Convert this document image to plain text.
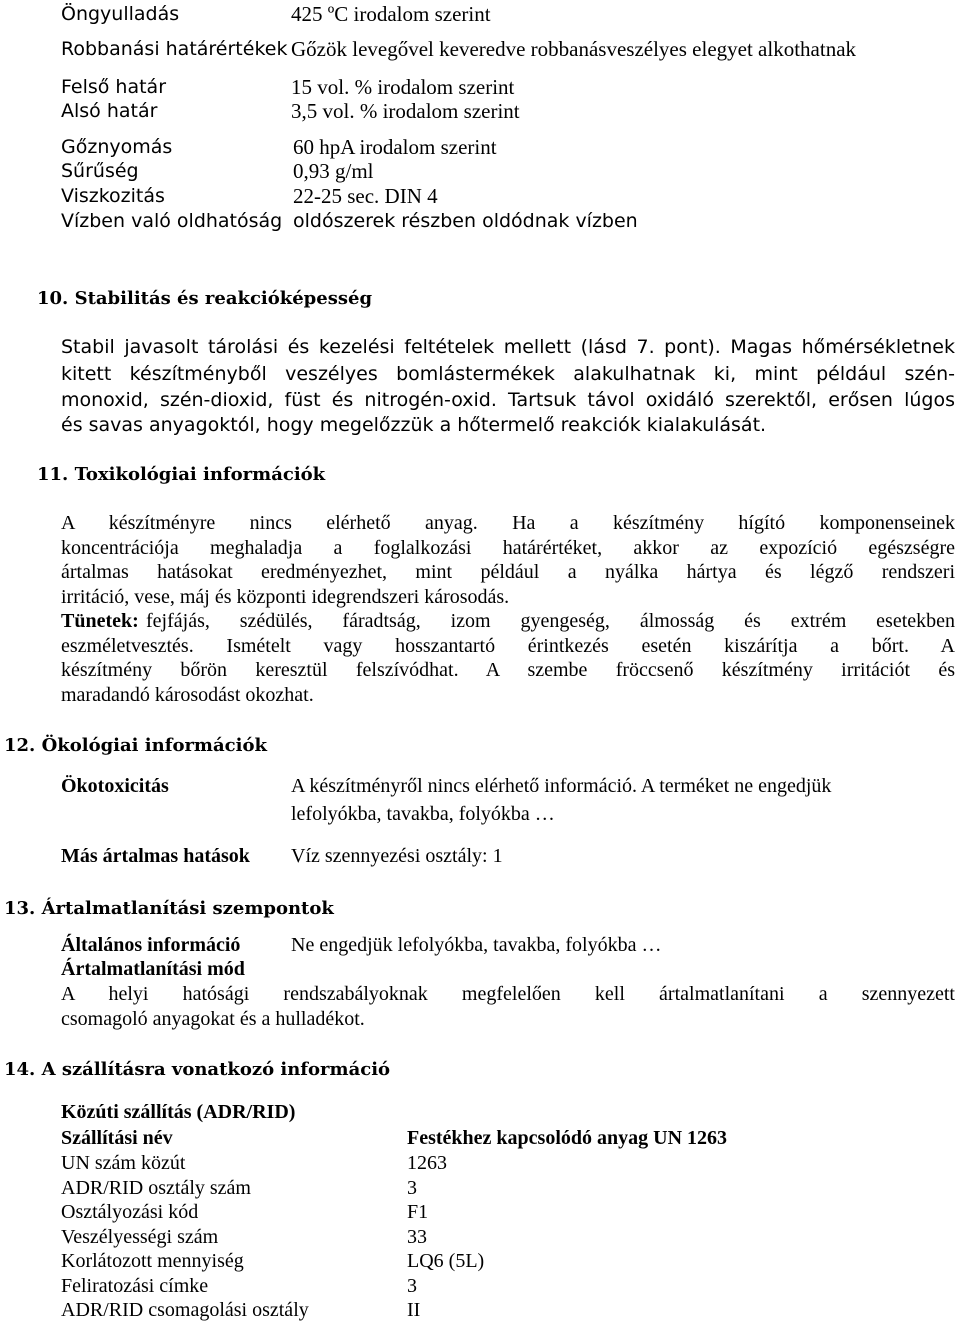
Öngyulladás	425 ºC irodalom szerint
Robbanási határértékek Gőzök levegővel keveredve robbanásveszélyes elegyet alkothatnak
Felső határ	15 vol. % irodalom szerint
Alsó határ	3,5 vol. % irodalom szerint
Gőznyomás	60 hpA irodalom szerint
Sűrűség	0,93 g/ml
Viszkozitás	22-25 sec. DIN 4
Vízben való oldhatóság oldószerek részben oldódnak vízben
10. Stabilitás és reakcióképesség
Stabil javasolt tárolási és kezelési feltételek mellett (lásd 7. pont). Magas hőmérsékletnek
kitett készítményből veszélyes bomlástermékek alakulhatnak ki, mint például szén-
monoxid, szén-dioxid, füst és nitrogén-oxid. Tartsuk távol oxidáló szerektől, erősen lúgos
és savas anyagoktól, hogy megelőzzük a hőtermelő reakciók kialakulását.
11. Toxikológiai információk
A készítményre nincs elérhető anyag. Ha a készítmény hígító komponenseinek
koncentrációja meghaladja a foglalkozási határértéket, akkor az expozíció egészségre
ártalmas hatásokat eredményezhet, mint például a nyálka hártya és légző rendszeri
irritáció, vese, máj és központi idegrendszeri károsodás.
Tünetek: fejfájás, szédülés, fáradtság, izom gyengeség, álmosság és extrém esetekben
eszméletvesztés. Ismételt vagy hosszantartó érintkezés esetén kiszárítja a bőrt. A
készítmény bőrön keresztül felszívódhat. A szembe fröccsenő készítmény irritációt és
maradandó károsodást okozhat.
12. Ökológiai információk
Ökotoxicitás	A készítményről nincs elérhető információ. A terméket ne engedjük
lefolyókba, tavakba, folyókba …
Más ártalmas hatások Víz szennyezési osztály: 1
13. Ártalmatlanítási szempontok
Általános információ	Ne engedjük lefolyókba, tavakba, folyókba …
Ártalmatlanítási mód
A helyi hatósági rendszabályoknak megfelelően kell ártalmatlanítani a szennyezett
csomagoló anyagokat és a hulladékot.
14. A szállításra vonatkozó információ
Közúti szállítás (ADR/RID)
Szállítási név	Festékhez kapcsolódó anyag UN 1263
UN szám közút	1263
ADR/RID osztály szám	3
Osztályozási kód	F1
Veszélyességi szám	33
Korlátozott mennyiség	LQ6 (5L)
Feliratozási címke	3
ADR/RID csomagolási osztály	II
